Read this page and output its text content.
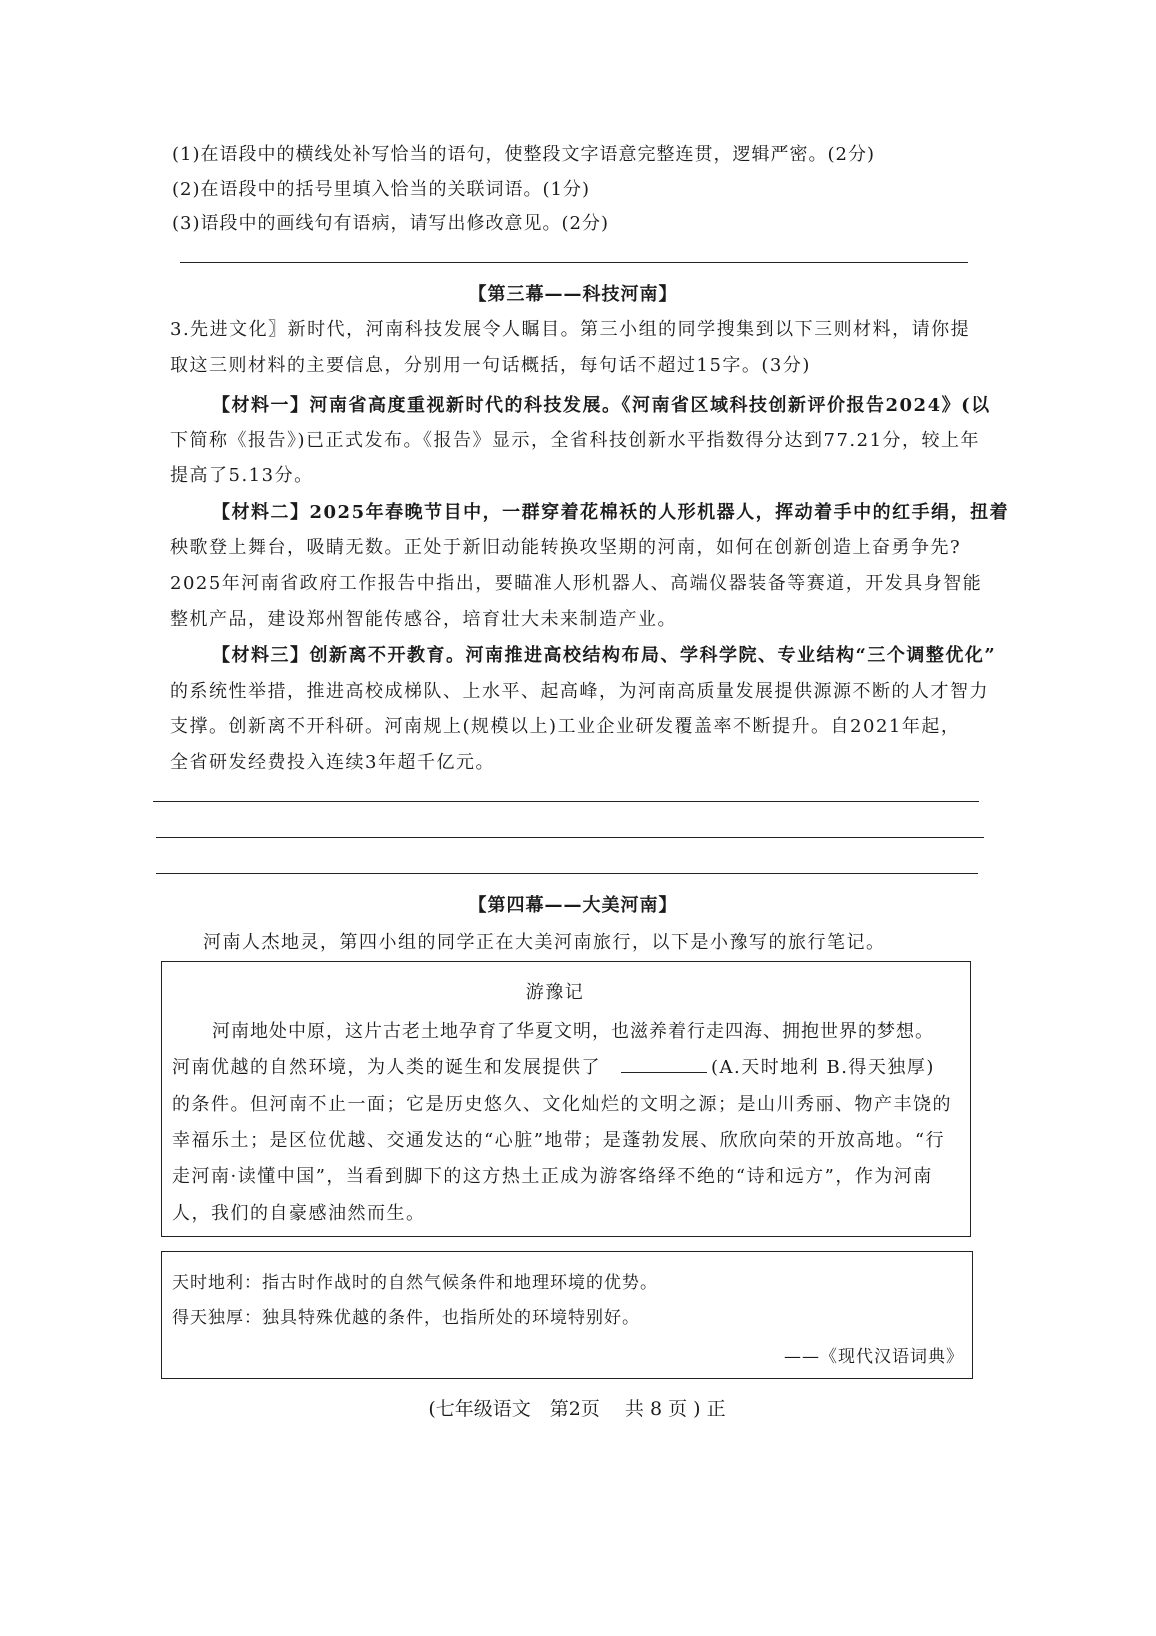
(1)在语段中的横线处补写恰当的语句，使整段文字语意完整连贯，逻辑严密。(2分)
(2)在语段中的括号里填入恰当的关联词语。(1分)
(3)语段中的画线句有语病，请写出修改意见。(2分)
【第三幕——科技河南】
3.先进文化〗新时代，河南科技发展令人瞩目。第三小组的同学搜集到以下三则材料，请你提
取这三则材料的主要信息，分别用一句话概括，每句话不超过15字。(3分)
【材料一】河南省高度重视新时代的科技发展。《河南省区域科技创新评价报告2024》(以
下简称《报告》)已正式发布。《报告》显示，全省科技创新水平指数得分达到77.21分，较上年
提高了5.13分。
【材料二】2025年春晚节目中，一群穿着花棉袄的人形机器人，挥动着手中的红手绢，扭着
秧歌登上舞台，吸睛无数。正处于新旧动能转换攻坚期的河南，如何在创新创造上奋勇争先?
2025年河南省政府工作报告中指出，要瞄准人形机器人、高端仪器装备等赛道，开发具身智能
整机产品，建设郑州智能传感谷，培育壮大未来制造产业。
【材料三】创新离不开教育。河南推进高校结构布局、学科学院、专业结构“三个调整优化”
的系统性举措，推进高校成梯队、上水平、起高峰，为河南高质量发展提供源源不断的人才智力
支撑。创新离不开科研。河南规上(规模以上)工业企业研发覆盖率不断提升。自2021年起，
全省研发经费投入连续3年超千亿元。
【第四幕——大美河南】
河南人杰地灵，第四小组的同学正在大美河南旅行，以下是小豫写的旅行笔记。
游豫记
河南地处中原，这片古老土地孕育了华夏文明，也滋养着行走四海、拥抱世界的梦想。
河南优越的自然环境，为人类的诞生和发展提供了	(A.天时地利 B.得天独厚)
的条件。但河南不止一面；它是历史悠久、文化灿烂的文明之源；是山川秀丽、物产丰饶的
幸福乐土；是区位优越、交通发达的“心脏”地带；是蓬勃发展、欣欣向荣的开放高地。“行
走河南·读懂中国”，当看到脚下的这方热土正成为游客络绎不绝的“诗和远方”，作为河南
人，我们的自豪感油然而生。
天时地利：指古时作战时的自然气候条件和地理环境的优势。
得天独厚：独具特殊优越的条件，也指所处的环境特别好。
——《现代汉语词典》
(七年级语文　第2页　 共 8 页 ) 正
